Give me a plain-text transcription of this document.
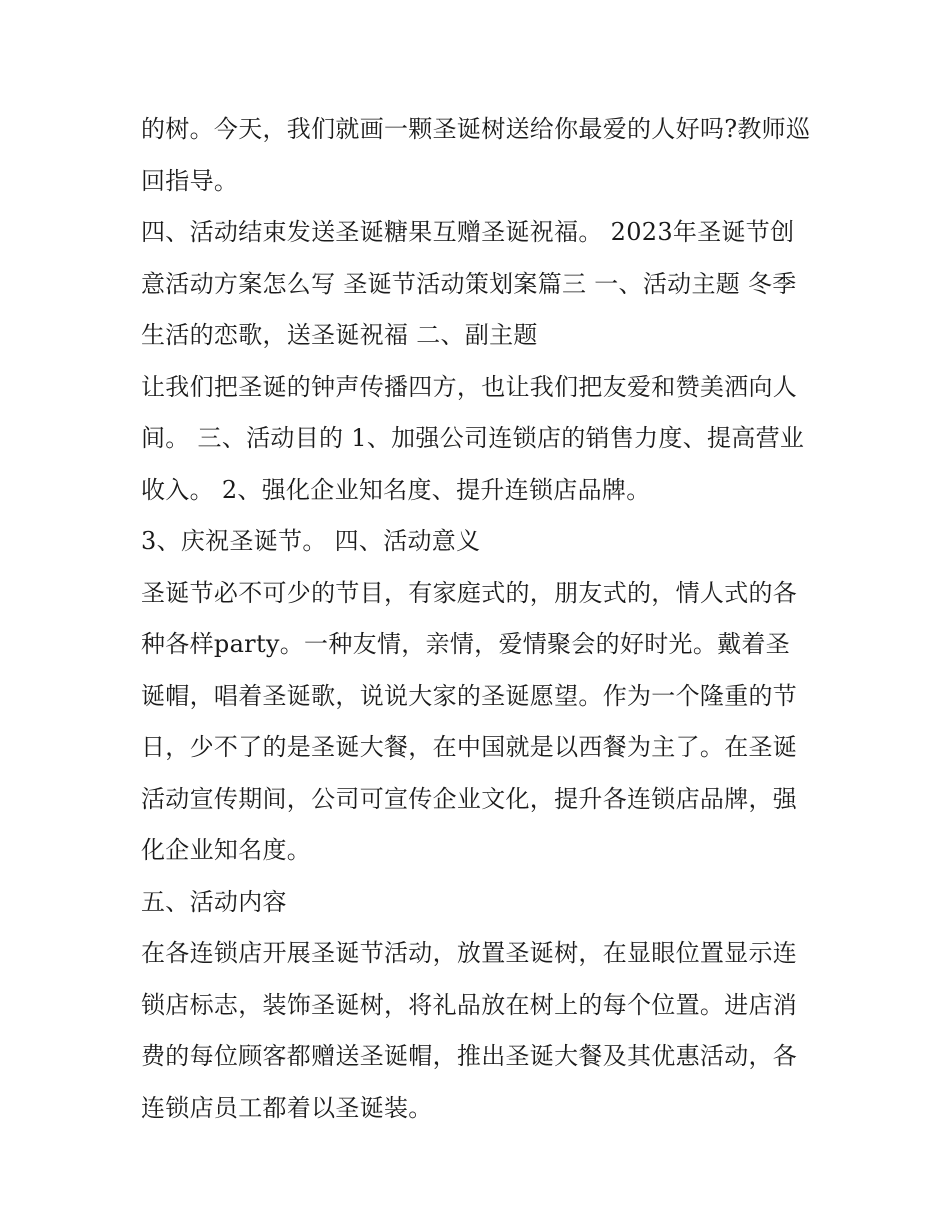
的树。今天，我们就画一颗圣诞树送给你最爱的人好吗?教师巡回指导。

四、活动结束发送圣诞糖果互赠圣诞祝福。 2023年圣诞节创意活动方案怎么写 圣诞节活动策划案篇三 一、活动主题 冬季生活的恋歌，送圣诞祝福 二、副主题

让我们把圣诞的钟声传播四方，也让我们把友爱和赞美洒向人间。 三、活动目的 1、加强公司连锁店的销售力度、提高营业收入。 2、强化企业知名度、提升连锁店品牌。

3、庆祝圣诞节。 四、活动意义

圣诞节必不可少的节目，有家庭式的，朋友式的，情人式的各种各样party。一种友情，亲情，爱情聚会的好时光。戴着圣诞帽，唱着圣诞歌，说说大家的圣诞愿望。作为一个隆重的节日，少不了的是圣诞大餐，在中国就是以西餐为主了。在圣诞活动宣传期间，公司可宣传企业文化，提升各连锁店品牌，强化企业知名度。

五、活动内容

在各连锁店开展圣诞节活动，放置圣诞树，在显眼位置显示连锁店标志，装饰圣诞树，将礼品放在树上的每个位置。进店消费的每位顾客都赠送圣诞帽，推出圣诞大餐及其优惠活动，各连锁店员工都着以圣诞装。
